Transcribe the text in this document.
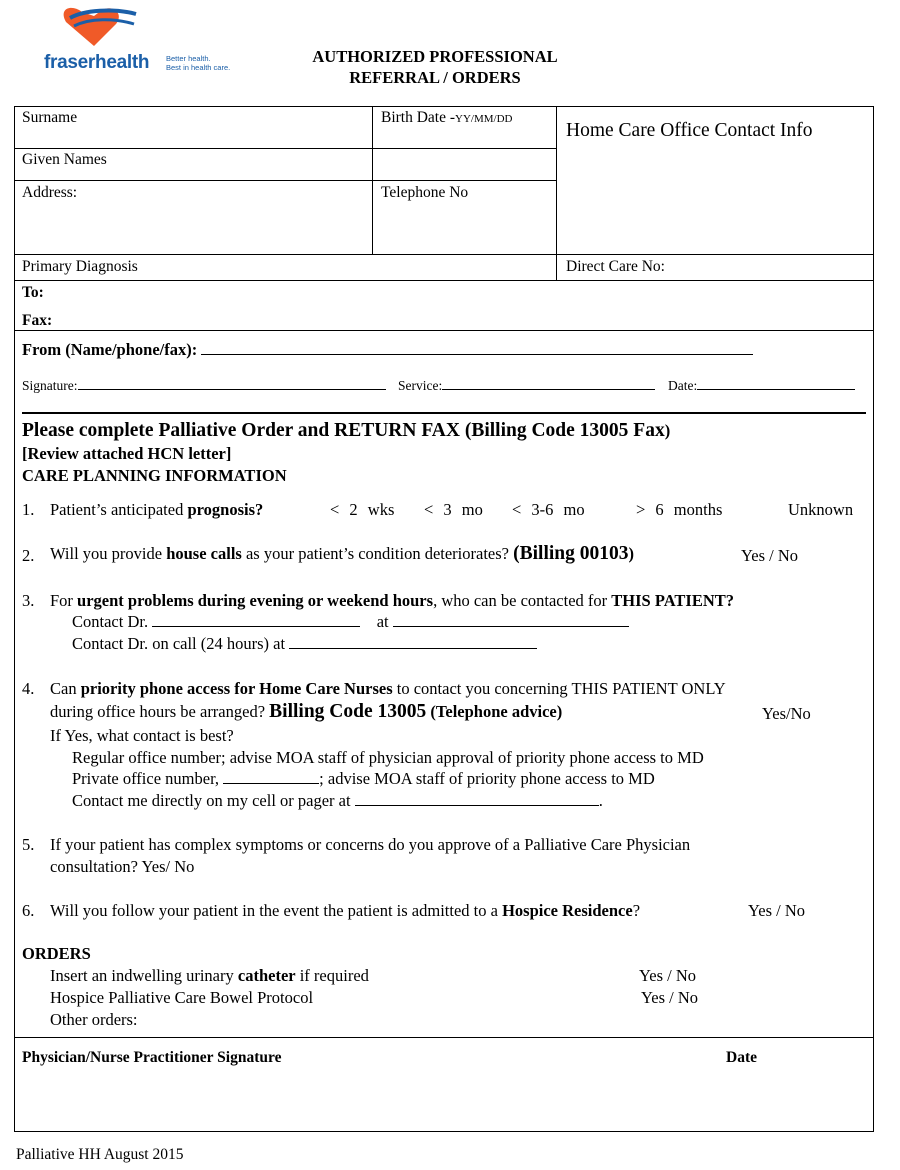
fraserhealth Better health.
Best in health care.
AUTHORIZED PROFESSIONAL
REFERRAL / ORDERS
Surname	Birth Date -YY/MM/DD
Home Care Office Contact Info
Given Names
Address:	Telephone No
Primary Diagnosis	Direct Care No:
To:
Fax:
From (Name/phone/fax):
Signature:	Service:	Date:
Please complete Palliative Order and RETURN FAX (Billing Code 13005 Fax)
[Review attached HCN letter]
CARE PLANNING INFORMATION
1. Patient’s anticipated prognosis?	< 2 wks < 3 mo < 3-6 mo	> 6 months	Unknown
2. Will you provide house calls as your patient’s condition deteriorates? (Billing 00103)	Yes / No
3. For urgent problems during evening or weekend hours, who can be contacted for THIS PATIENT?
Contact Dr.	at
Contact Dr. on call (24 hours) at
4. Can priority phone access for Home Care Nurses to contact you concerning THIS PATIENT ONLY
during office hours be arranged? Billing Code 13005 (Telephone advice)	Yes/No
If Yes, what contact is best?
Regular office number; advise MOA staff of physician approval of priority phone access to MD
Private office number,	; advise MOA staff of priority phone access to MD
Contact me directly on my cell or pager at	.
5. If your patient has complex symptoms or concerns do you approve of a Palliative Care Physician
consultation? Yes/ No
6. Will you follow your patient in the event the patient is admitted to a Hospice Residence?	Yes / No
ORDERS
Insert an indwelling urinary catheter if required	Yes / No
Hospice Palliative Care Bowel Protocol	Yes / No
Other orders:
Physician/Nurse Practitioner Signature	Date
Palliative HH August 2015
